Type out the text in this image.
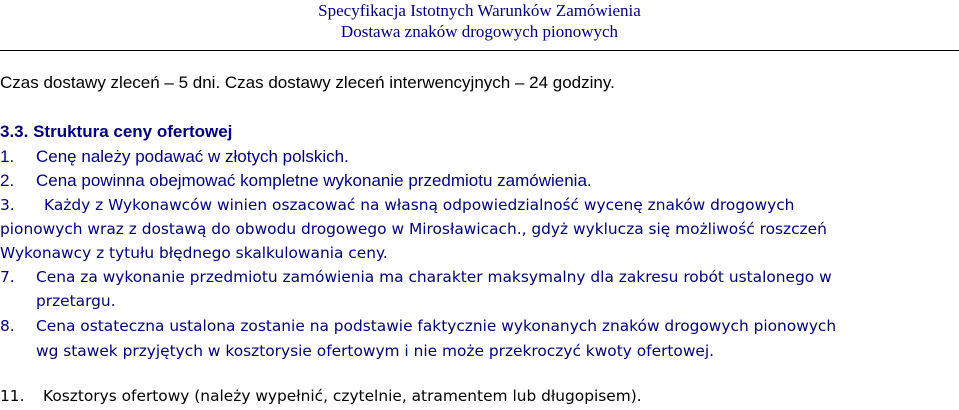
Specyfikacja Istotnych Warunków Zamówienia
Dostawa znaków drogowych pionowych
Czas dostawy zleceń – 5 dni. Czas dostawy zleceń interwencyjnych – 24 godziny.
3.3. Struktura ceny ofertowej
1. Cenę należy podawać w złotych polskich.
2. Cena powinna obejmować kompletne wykonanie przedmiotu zamówienia.
3. Każdy z Wykonawców winien oszacować na własną odpowiedzialność wycenę znaków drogowych
pionowych wraz z dostawą do obwodu drogowego w Mirosławicach., gdyż wyklucza się możliwość roszczeń
Wykonawcy z tytułu błędnego skalkulowania ceny.
7. Cena za wykonanie przedmiotu zamówienia ma charakter maksymalny dla zakresu robót ustalonego w
przetargu.
8. Cena ostateczna ustalona zostanie na podstawie faktycznie wykonanych znaków drogowych pionowych
wg stawek przyjętych w kosztorysie ofertowym i nie może przekroczyć kwoty ofertowej.
11. Kosztorys ofertowy (należy wypełnić, czytelnie, atramentem lub długopisem).
